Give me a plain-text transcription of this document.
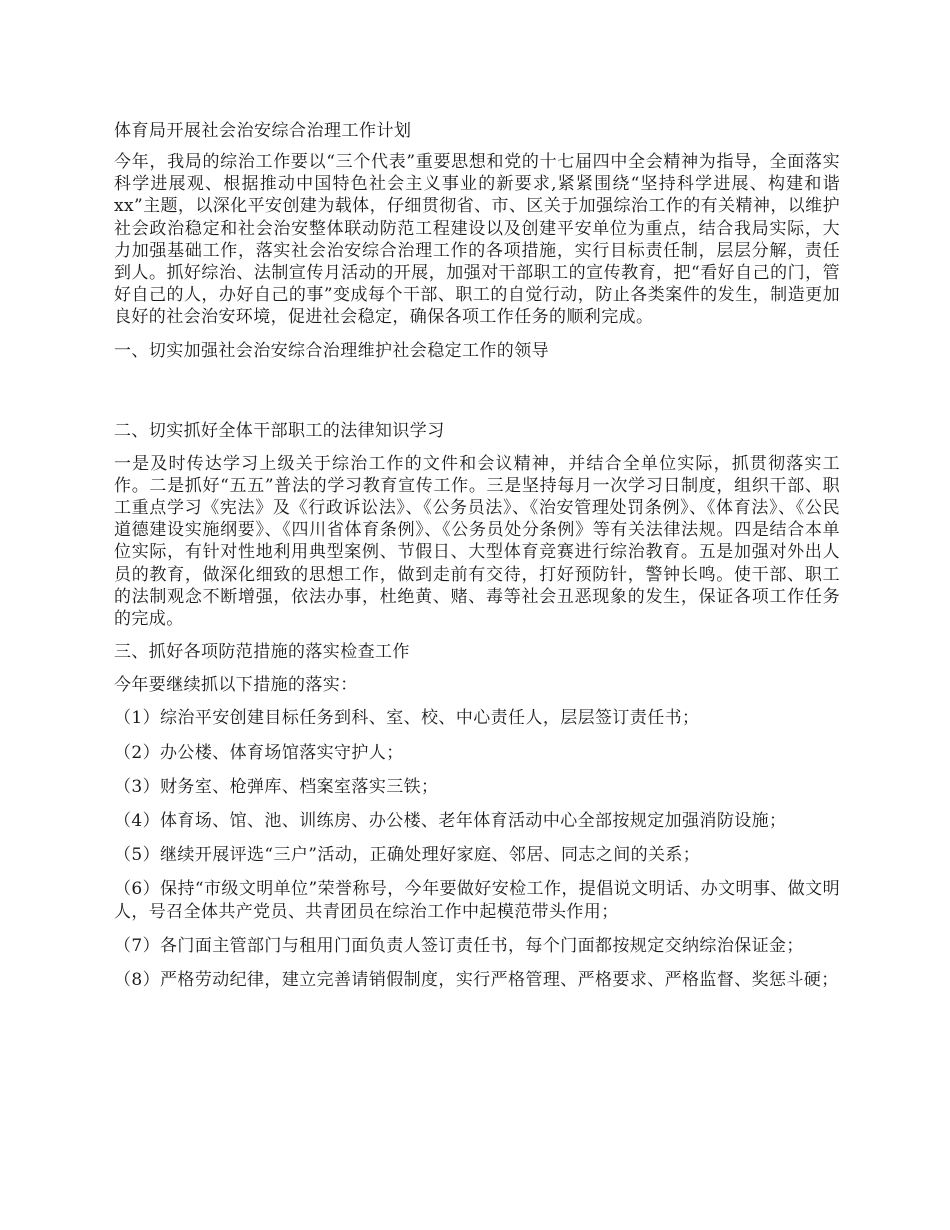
体育局开展社会治安综合治理工作计划

今年，我局的综治工作要以“三个代表”重要思想和党的十七届四中全会精神为指导，全面落实科学进展观、根据推动中国特色社会主义事业的新要求,紧紧围绕“坚持科学进展、构建和谐xx”主题，以深化平安创建为载体，仔细贯彻省、市、区关于加强综治工作的有关精神，以维护社会政治稳定和社会治安整体联动防范工程建设以及创建平安单位为重点，结合我局实际，大力加强基础工作，落实社会治安综合治理工作的各项措施，实行目标责任制，层层分解，责任到人。抓好综治、法制宣传月活动的开展，加强对干部职工的宣传教育，把“看好自己的门，管好自己的人，办好自己的事”变成每个干部、职工的自觉行动，防止各类案件的发生，制造更加良好的社会治安环境，促进社会稳定，确保各项工作任务的顺利完成。

一、切实加强社会治安综合治理维护社会稳定工作的领导

二、切实抓好全体干部职工的法律知识学习

一是及时传达学习上级关于综治工作的文件和会议精神，并结合全单位实际，抓贯彻落实工作。二是抓好“五五”普法的学习教育宣传工作。三是坚持每月一次学习日制度，组织干部、职工重点学习《宪法》及《行政诉讼法》、《公务员法》、《治安管理处罚条例》、《体育法》、《公民道德建设实施纲要》、《四川省体育条例》、《公务员处分条例》等有关法律法规。四是结合本单位实际，有针对性地利用典型案例、节假日、大型体育竞赛进行综治教育。五是加强对外出人员的教育，做深化细致的思想工作，做到走前有交待，打好预防针，警钟长鸣。使干部、职工的法制观念不断增强，依法办事，杜绝黄、赌、毒等社会丑恶现象的发生，保证各项工作任务的完成。

三、抓好各项防范措施的落实检查工作

今年要继续抓以下措施的落实：

（1）综治平安创建目标任务到科、室、校、中心责任人，层层签订责任书；

（2）办公楼、体育场馆落实守护人；

（3）财务室、枪弹库、档案室落实三铁；

（4）体育场、馆、池、训练房、办公楼、老年体育活动中心全部按规定加强消防设施；

（5）继续开展评选“三户”活动，正确处理好家庭、邻居、同志之间的关系；

（6）保持“市级文明单位”荣誉称号，今年要做好安检工作，提倡说文明话、办文明事、做文明人，号召全体共产党员、共青团员在综治工作中起模范带头作用；

（7）各门面主管部门与租用门面负责人签订责任书，每个门面都按规定交纳综治保证金；

（8）严格劳动纪律，建立完善请销假制度，实行严格管理、严格要求、严格监督、奖惩斗硬；
